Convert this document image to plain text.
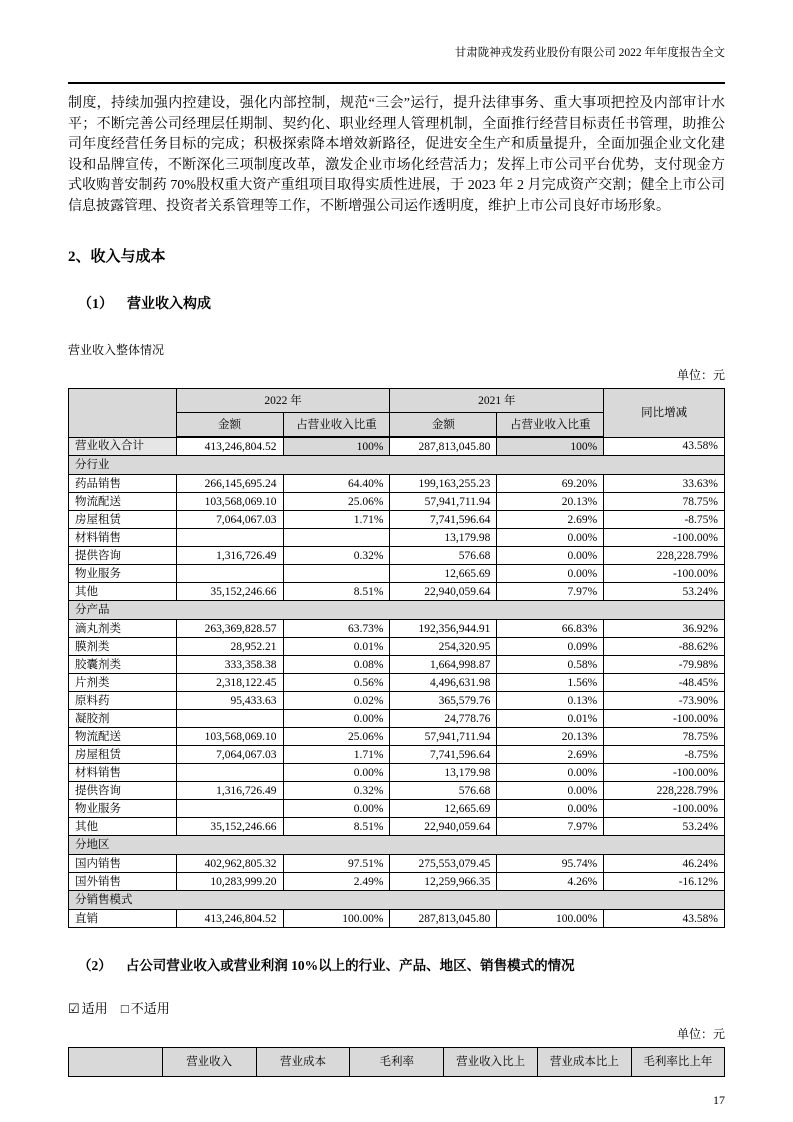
甘肃陇神戎发药业股份有限公司 2022 年年度报告全文

制度，持续加强内控建设，强化内部控制，规范“三会”运行，提升法律事务、重大事项把控及内部审计水平；不断完善公司经理层任期制、契约化、职业经理人管理机制，全面推行经营目标责任书管理，助推公司年度经营任务目标的完成；积极探索降本增效新路径，促进安全生产和质量提升，全面加强企业文化建设和品牌宣传，不断深化三项制度改革，激发企业市场化经营活力；发挥上市公司平台优势，支付现金方式收购普安制药 70%股权重大资产重组项目取得实质性进展，于 2023 年 2 月完成资产交割；健全上市公司信息披露管理、投资者关系管理等工作，不断增强公司运作透明度，维护上市公司良好市场形象。

2、收入与成本
（1） 营业收入构成
营业收入整体情况
单位：元
	2022 年		2021 年		同比增减
	金额	占营业收入比重	金额	占营业收入比重	
营业收入合计	413,246,804.52	100%	287,813,045.80	100%	43.58%
分行业					
药品销售	266,145,695.24	64.40%	199,163,255.23	69.20%	33.63%
物流配送	103,568,069.10	25.06%	57,941,711.94	20.13%	78.75%
房屋租赁	7,064,067.03	1.71%	7,741,596.64	2.69%	-8.75%
材料销售			13,179.98	0.00%	-100.00%
提供咨询	1,316,726.49	0.32%	576.68	0.00%	228,228.79%
物业服务			12,665.69	0.00%	-100.00%
其他	35,152,246.66	8.51%	22,940,059.64	7.97%	53.24%
分产品					
滴丸剂类	263,369,828.57	63.73%	192,356,944.91	66.83%	36.92%
膜剂类	28,952.21	0.01%	254,320.95	0.09%	-88.62%
胶囊剂类	333,358.38	0.08%	1,664,998.87	0.58%	-79.98%
片剂类	2,318,122.45	0.56%	4,496,631.98	1.56%	-48.45%
原料药	95,433.63	0.02%	365,579.76	0.13%	-73.90%
凝胶剂		0.00%	24,778.76	0.01%	-100.00%
物流配送	103,568,069.10	25.06%	57,941,711.94	20.13%	78.75%
房屋租赁	7,064,067.03	1.71%	7,741,596.64	2.69%	-8.75%
材料销售		0.00%	13,179.98	0.00%	-100.00%
提供咨询	1,316,726.49	0.32%	576.68	0.00%	228,228.79%
物业服务		0.00%	12,665.69	0.00%	-100.00%
其他	35,152,246.66	8.51%	22,940,059.64	7.97%	53.24%
分地区					
国内销售	402,962,805.32	97.51%	275,553,079.45	95.74%	46.24%
国外销售	10,283,999.20	2.49%	12,259,966.35	4.26%	-16.12%
分销售模式					
直销	413,246,804.52	100.00%	287,813,045.80	100.00%	43.58%
（2） 占公司营业收入或营业利润 10%以上的行业、产品、地区、销售模式的情况
☑ 适用 □ 不适用
单位：元
	营业收入	营业成本	毛利率	营业收入比上	营业成本比上	毛利率比上年
17
